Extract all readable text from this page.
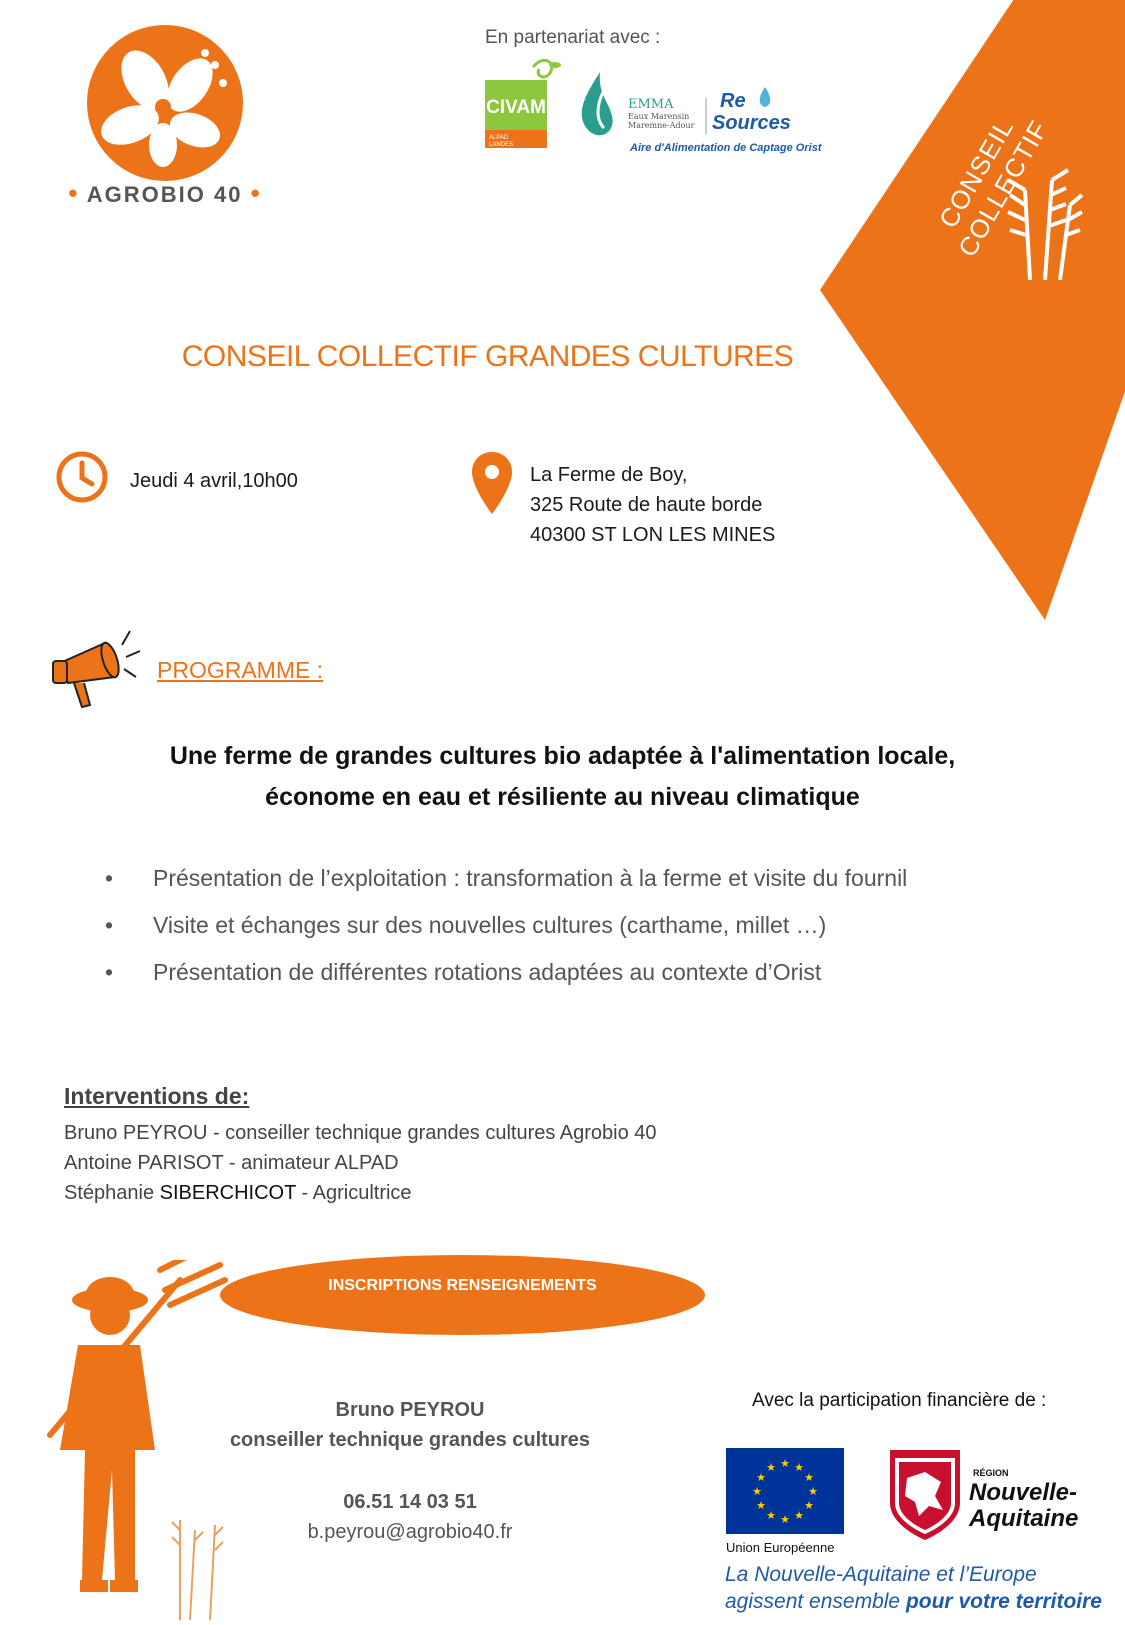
• AGROBIO 40 •
En partenariat avec :
CIVAM
ALPAD
LANDES
EMMA
Eaux Marensin
Maremne-Adour
Re
Sources
Aire d'Alimentation de Captage Orist	CONSEIL COLLECTIF
CONSEIL COLLECTIF GRANDES CULTURES
Jeudi 4 avril,10h00	La Ferme de Boy,
325 Route de haute borde
40300 ST LON LES MINES
PROGRAMME :
Une ferme de grandes cultures bio adaptée à l'alimentation locale,
économe en eau et résiliente au niveau climatique
• Présentation de l’exploitation : transformation à la ferme et visite du fournil
• Visite et échanges sur des nouvelles cultures (carthame, millet …)
• Présentation de différentes rotations adaptées au contexte d’Orist
Interventions de:
Bruno PEYROU - conseiller technique grandes cultures Agrobio 40
Antoine PARISOT - animateur ALPAD
Stéphanie SIBERCHICOT - Agricultrice
INSCRIPTIONS RENSEIGNEMENTS
Bruno PEYROU
conseiller technique grandes cultures
06.51 14 03 51
b.peyrou@agrobio40.fr
Avec la participation financière de :
★ ★
★
★
★
★
★
★
★
★
★
★
Union Européenne
RÉGION
Nouvelle-
Aquitaine
La Nouvelle-Aquitaine et l’Europe
agissent ensemble pour votre territoire
